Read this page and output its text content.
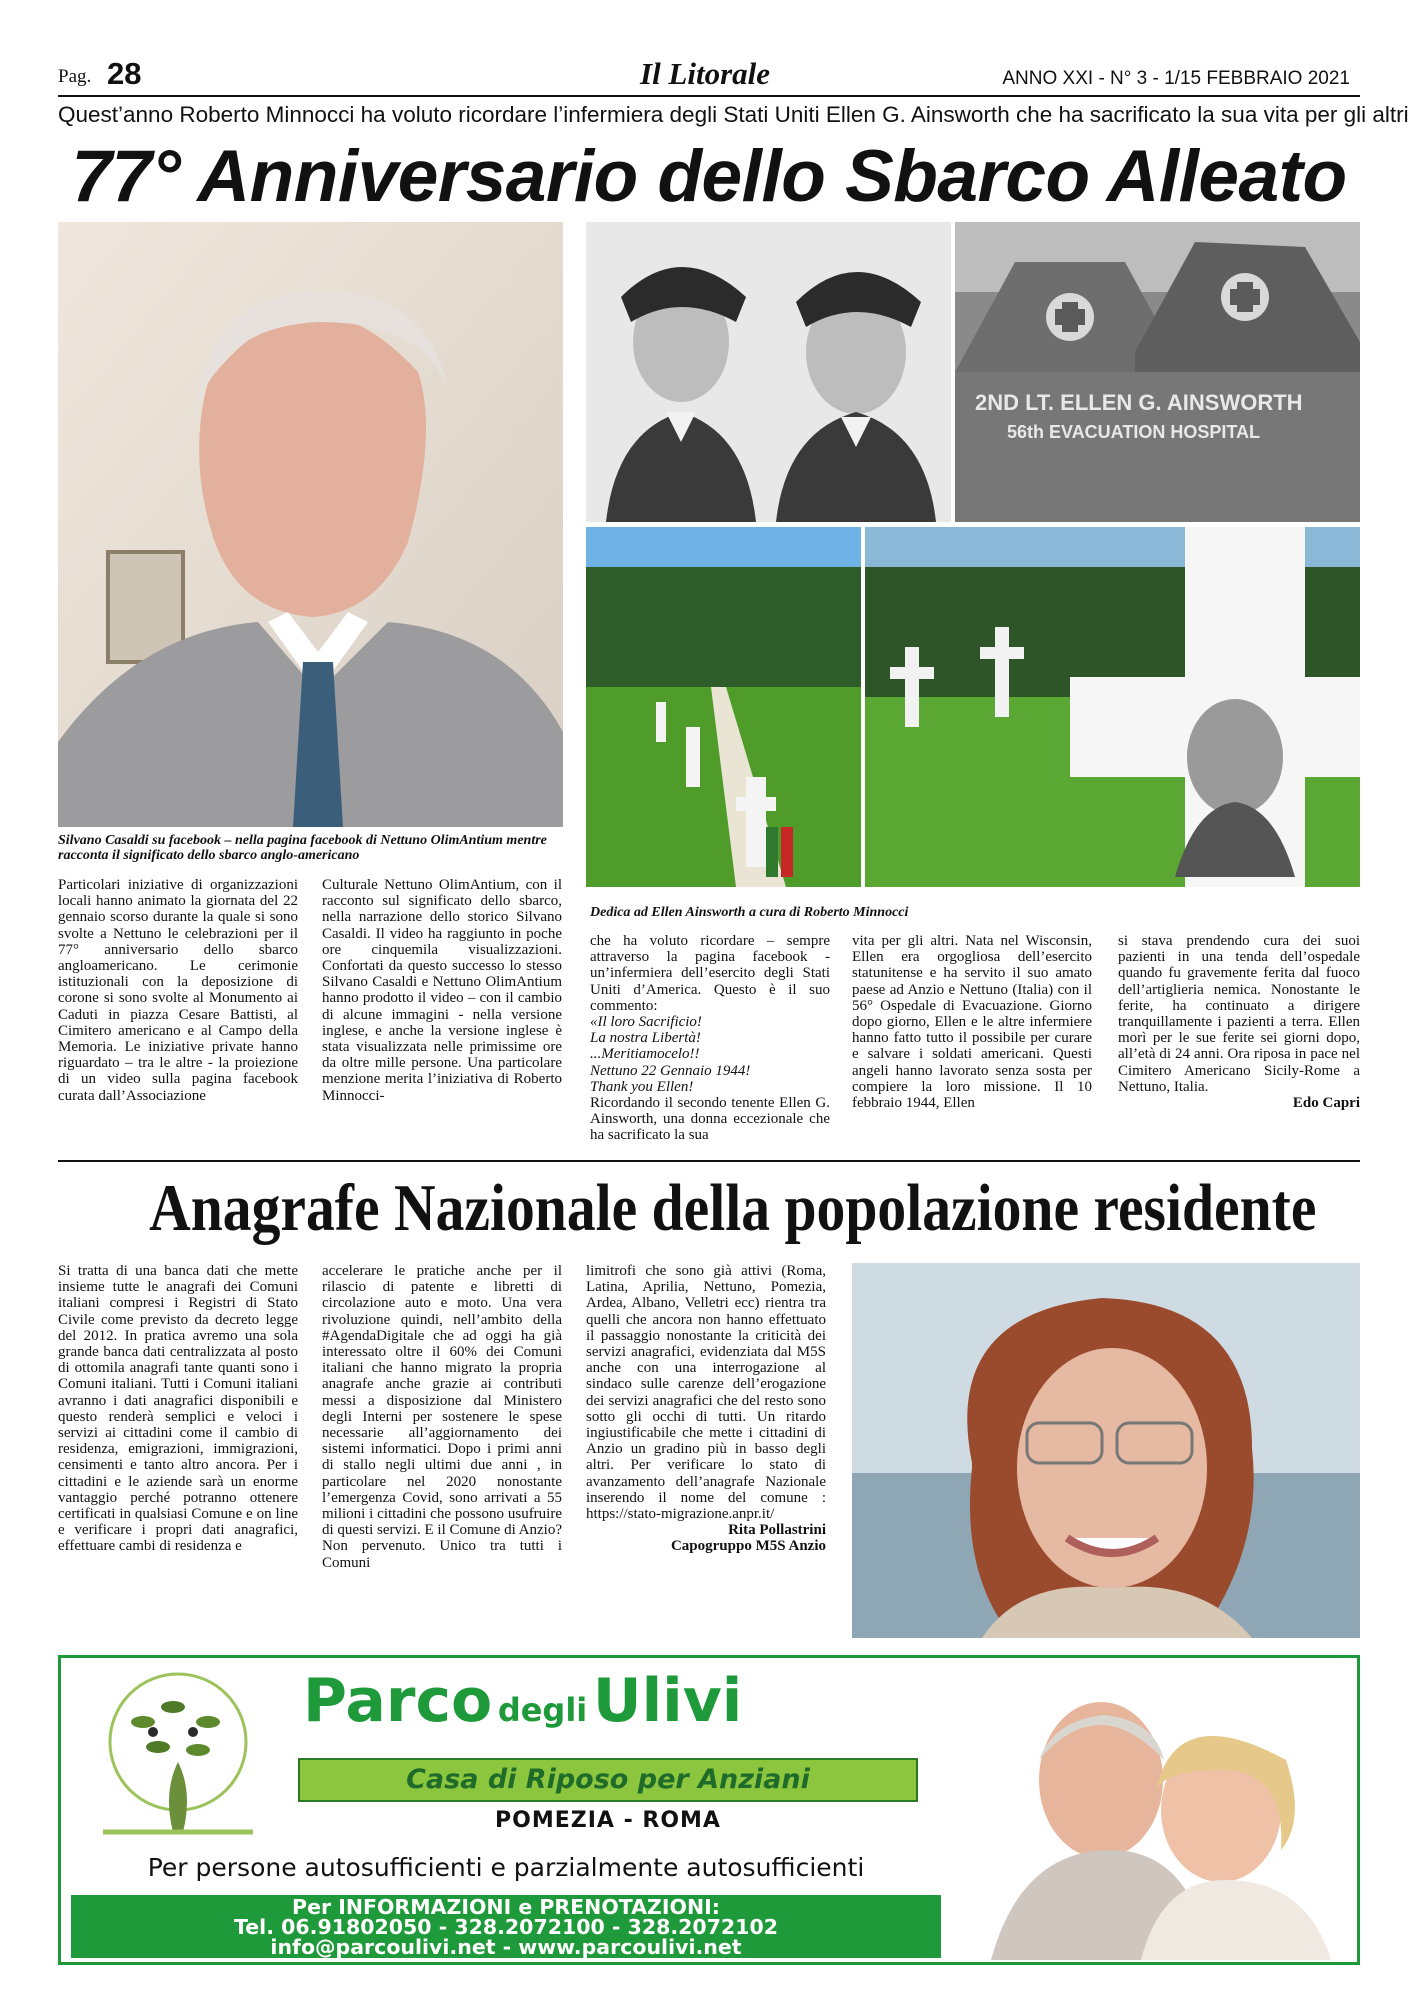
Pag. 28	Il Litorale	ANNO XXI - N° 3 - 1/15 FEBBRAIO 2021
Quest’anno Roberto Minnocci ha voluto ricordare l’infermiera degli Stati Uniti Ellen G. Ainsworth che ha sacrificato la sua vita per gli altri
77° Anniversario dello Sbarco Alleato
Silvano Casaldi su facebook – nella pagina facebook di Nettuno OlimAntium mentre racconta il significato dello sbarco anglo-americano
2ND LT. ELLEN G. AINSWORTH
56th EVACUATION HOSPITAL
Dedica ad Ellen Ainsworth a cura di Roberto Minnocci

Particolari iniziative di organizzazioni locali hanno animato la giornata del 22 gennaio scorso durante la quale si sono svolte a Nettuno le celebrazioni per il 77° anniversario dello sbarco angloamericano. Le cerimonie istituzionali con la deposizione di corone si sono svolte al Monumento ai Caduti in piazza Cesare Battisti, al Cimitero americano e al Campo della Memoria. Le iniziative private hanno riguardato – tra le altre - la proiezione di un video sulla pagina facebook curata dall’Associazione

Culturale Nettuno OlimAntium, con il racconto sul significato dello sbarco, nella narrazione dello storico Silvano Casaldi. Il video ha raggiunto in poche ore cinquemila visualizzazioni. Confortati da questo successo lo stesso Silvano Casaldi e Nettuno OlimAntium hanno prodotto il video – con il cambio di alcune immagini - nella versione inglese, e anche la versione inglese è stata visualizzata nelle primissime ore da oltre mille persone. Una particolare menzione merita l’iniziativa di Roberto Minnocci-

che ha voluto ricordare – sempre attraverso la pagina facebook - un’infermiera dell’esercito degli Stati Uniti d’America. Questo è il suo commento:

«Il loro Sacrificio!

La nostra Libertà!

...Meritiamocelo!!

Nettuno 22 Gennaio 1944!

Thank you Ellen!

Ricordando il secondo tenente Ellen G. Ainsworth, una donna eccezionale che ha sacrificato la sua

vita per gli altri. Nata nel Wisconsin, Ellen era orgogliosa dell’esercito statunitense e ha servito il suo amato paese ad Anzio e Nettuno (Italia) con il 56° Ospedale di Evacuazione. Giorno dopo giorno, Ellen e le altre infermiere hanno fatto tutto il possibile per curare e salvare i soldati americani. Questi angeli hanno lavorato senza sosta per compiere la loro missione. Il 10 febbraio 1944, Ellen

si stava prendendo cura dei suoi pazienti in una tenda dell’ospedale quando fu gravemente ferita dal fuoco dell’artiglieria nemica. Nonostante le ferite, ha continuato a dirigere tranquillamente i pazienti a terra. Ellen morì per le sue ferite sei giorni dopo, all’età di 24 anni. Ora riposa in pace nel Cimitero Americano Sicily-Rome a Nettuno, Italia.

Edo Capri

Anagrafe Nazionale della popolazione residente

Si tratta di una banca dati che mette insieme tutte le anagrafi dei Comuni italiani compresi i Registri di Stato Civile come previsto da decreto legge del 2012. In pratica avremo una sola grande banca dati centralizzata al posto di ottomila anagrafi tante quanti sono i Comuni italiani. Tutti i Comuni italiani avranno i dati anagrafici disponibili e questo renderà semplici e veloci i servizi ai cittadini come il cambio di residenza, emigrazioni, immigrazioni, censimenti e tanto altro ancora. Per i cittadini e le aziende sarà un enorme vantaggio perché potranno ottenere certificati in qualsiasi Comune e on line e verificare i propri dati anagrafici, effettuare cambi di residenza e

accelerare le pratiche anche per il rilascio di patente e libretti di circolazione auto e moto. Una vera rivoluzione quindi, nell’ambito della #AgendaDigitale che ad oggi ha già interessato oltre il 60% dei Comuni italiani che hanno migrato la propria anagrafe anche grazie ai contributi messi a disposizione dal Ministero degli Interni per sostenere le spese necessarie all’aggiornamento dei sistemi informatici. Dopo i primi anni di stallo negli ultimi due anni , in particolare nel 2020 nonostante l’emergenza Covid, sono arrivati a 55 milioni i cittadini che possono usufruire di questi servizi. E il Comune di Anzio? Non pervenuto. Unico tra tutti i Comuni

limitrofi che sono già attivi (Roma, Latina, Aprilia, Nettuno, Pomezia, Ardea, Albano, Velletri ecc) rientra tra quelli che ancora non hanno effettuato il passaggio nonostante la criticità dei servizi anagrafici, evidenziata dal M5S anche con una interrogazione al sindaco sulle carenze dell’erogazione dei servizi anagrafici che del resto sono sotto gli occhi di tutti. Un ritardo ingiustificabile che mette i cittadini di Anzio un gradino più in basso degli altri. Per verificare lo stato di avanzamento dell’anagrafe Nazionale inserendo il nome del comune : https://stato-migrazione.anpr.it/

Rita Pollastrini

Capogruppo M5S Anzio

Parco degli Ulivi
Casa di Riposo per Anziani
POMEZIA - ROMA
Per persone autosufficienti e parzialmente autosufficienti
Per INFORMAZIONI e PRENOTAZIONI:
Tel. 06.91802050 - 328.2072100 - 328.2072102
info@parcoulivi.net - www.parcoulivi.net
